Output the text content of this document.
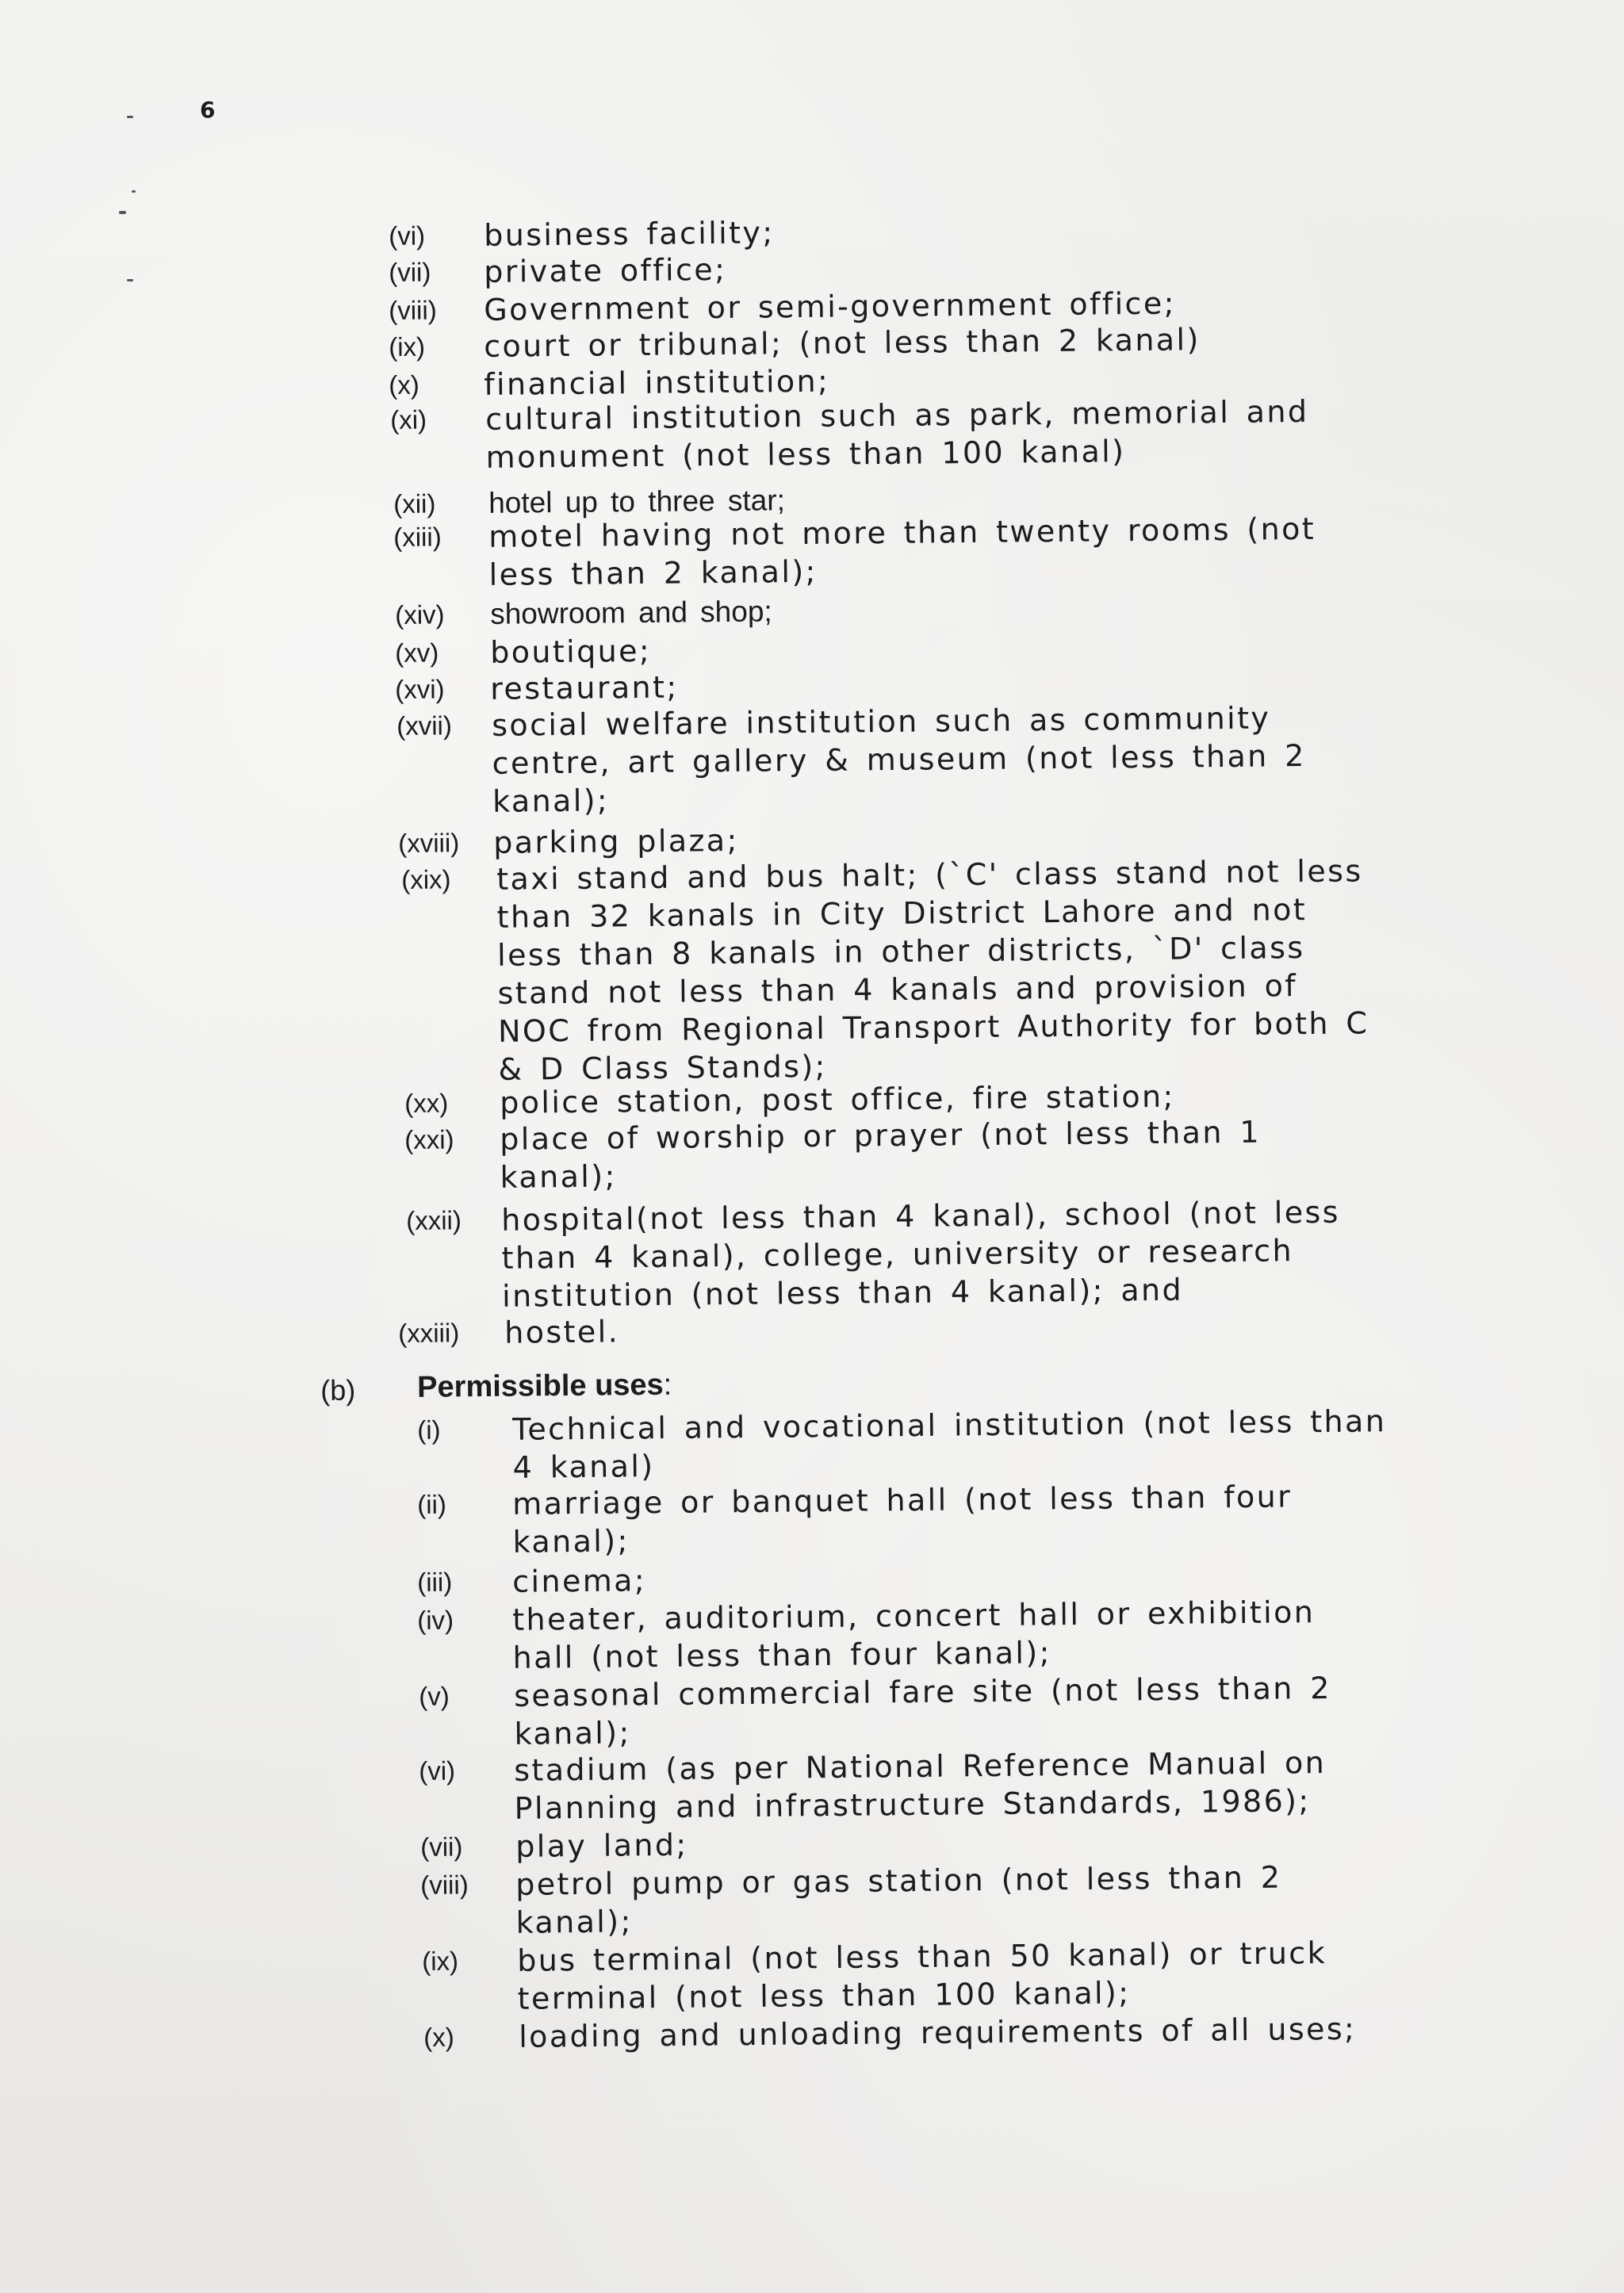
6
(vi)	business facility;
(vii)	private office;
(viii)	Government or semi-government office;
(ix)	court or tribunal; (not less than 2 kanal)
(x)	financial institution;
(xi)	cultural institution such as park, memorial and monument (not less than 100 kanal)
(xii)	hotel up to three star;
(xiii)	motel having not more than twenty rooms (not less than 2 kanal);
(xiv)	showroom and shop;
(xv)	boutique;
(xvi)	restaurant;
(xvii)	social welfare institution such as community centre, art gallery & museum (not less than 2 kanal);
(xviii)	parking plaza;
(xix)	taxi stand and bus halt; (`C' class stand not less than 32 kanals in City District Lahore and not less than 8 kanals in other districts, `D' class stand not less than 4 kanals and provision of NOC from Regional Transport Authority for both C & D Class Stands);
(xx)	police station, post office, fire station;
(xxi)	place of worship or prayer (not less than 1 kanal);
(xxii)	hospital(not less than 4 kanal), school (not less than 4 kanal), college, university or research institution (not less than 4 kanal); and
(xxiii)	hostel.
(b)	Permissible uses:
(i)	Technical and vocational institution (not less than 4 kanal)
(ii)	marriage or banquet hall (not less than four kanal);
(iii)	cinema;
(iv)	theater, auditorium, concert hall or exhibition hall (not less than four kanal);
(v)	seasonal commercial fare site (not less than 2 kanal);
(vi)	stadium (as per National Reference Manual on Planning and infrastructure Standards, 1986);
(vii)	play land;
(viii)	petrol pump or gas station (not less than 2 kanal);
(ix)	bus terminal (not less than 50 kanal) or truck terminal (not less than 100 kanal);
(x)	loading and unloading requirements of all uses;
